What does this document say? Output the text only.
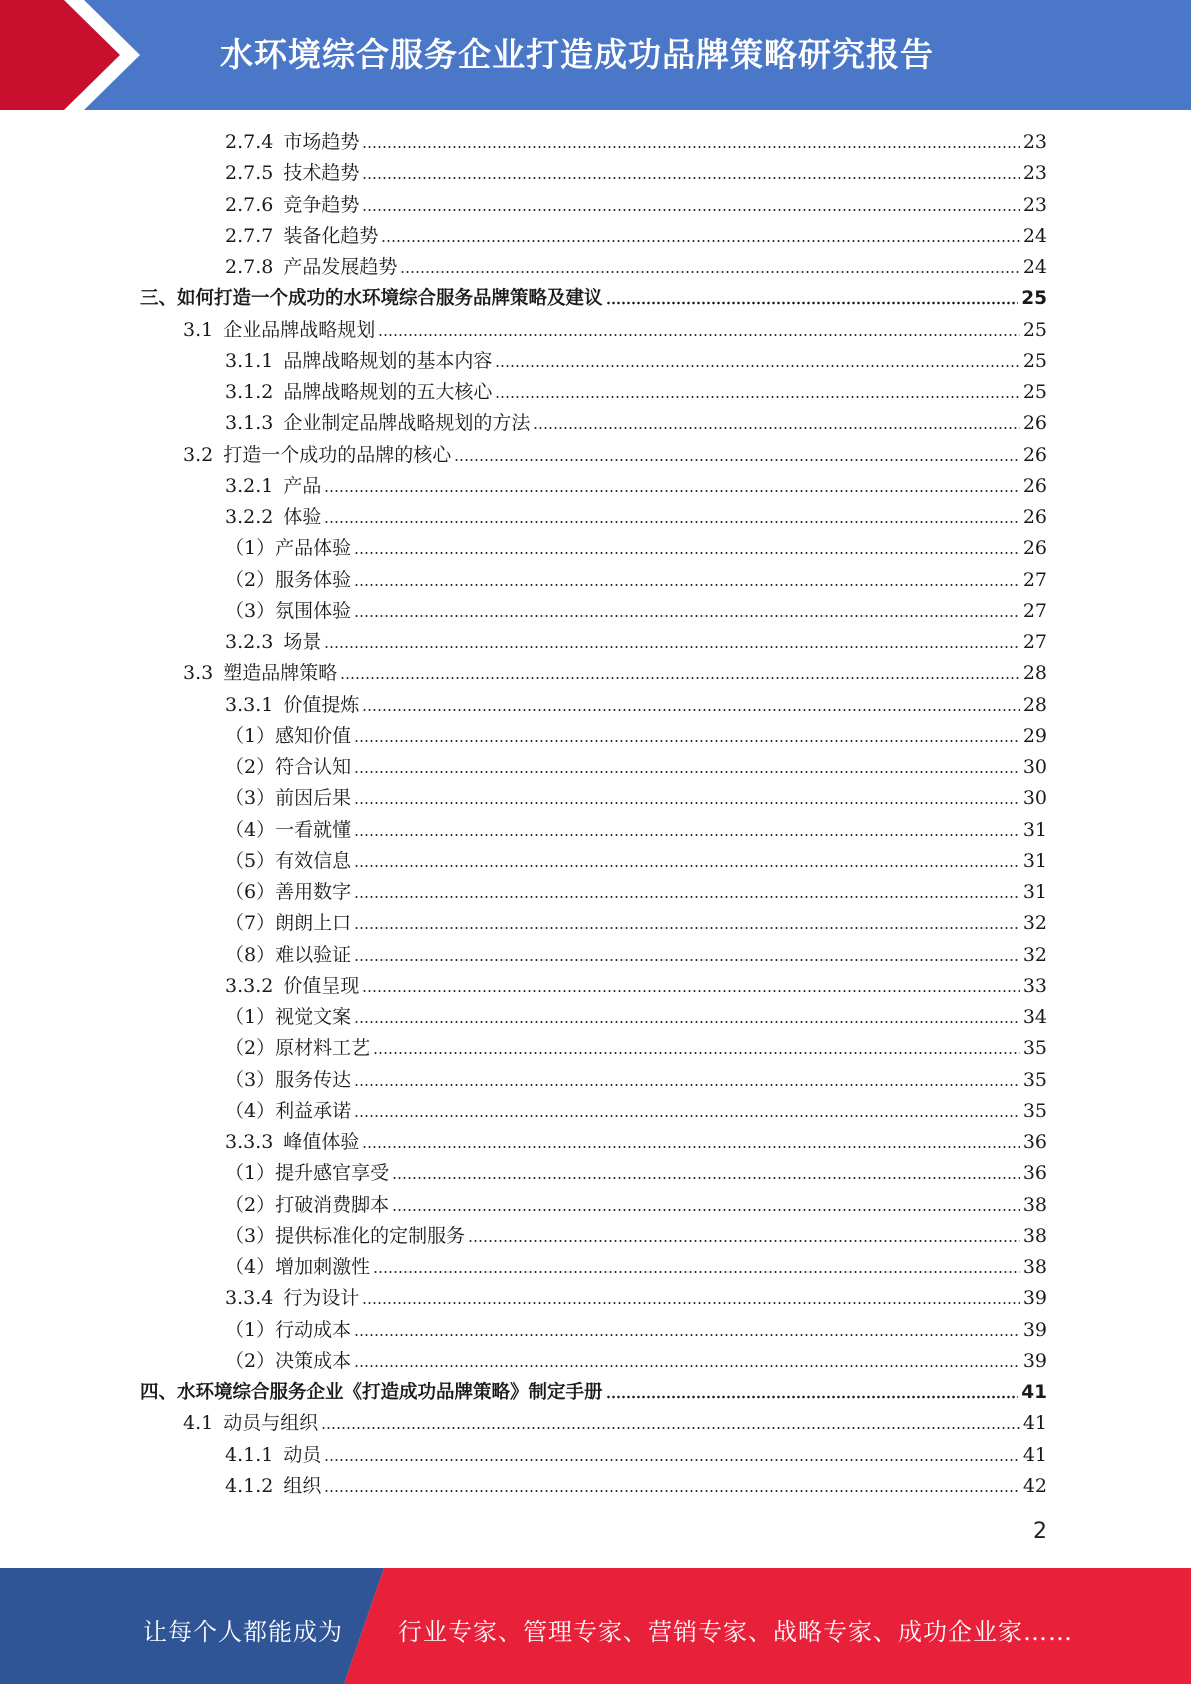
水环境综合服务企业打造成功品牌策略研究报告
2.7.4 市场趋势	23
2.7.5 技术趋势	23
2.7.6 竞争趋势	23
2.7.7 装备化趋势	24
2.7.8 产品发展趋势	24
三、如何打造一个成功的水环境综合服务品牌策略及建议	25
3.1 企业品牌战略规划	25
3.1.1 品牌战略规划的基本内容	25
3.1.2 品牌战略规划的五大核心	25
3.1.3 企业制定品牌战略规划的方法	26
3.2 打造一个成功的品牌的核心	26
3.2.1 产品	26
3.2.2 体验	26
（1）产品体验	26
（2）服务体验	27
（3）氛围体验	27
3.2.3 场景	27
3.3 塑造品牌策略	28
3.3.1 价值提炼	28
（1）感知价值	29
（2）符合认知	30
（3）前因后果	30
（4）一看就懂	31
（5）有效信息	31
（6）善用数字	31
（7）朗朗上口	32
（8）难以验证	32
3.3.2 价值呈现	33
（1）视觉文案	34
（2）原材料工艺	35
（3）服务传达	35
（4）利益承诺	35
3.3.3 峰值体验	36
（1）提升感官享受	36
（2）打破消费脚本	38
（3）提供标准化的定制服务	38
（4）增加刺激性	38
3.3.4 行为设计	39
（1）行动成本	39
（2）决策成本	39
四、水环境综合服务企业《打造成功品牌策略》制定手册	41
4.1 动员与组织	41
4.1.1 动员	41
4.1.2 组织	42
2
让每个人都能成为 行业专家、管理专家、营销专家、战略专家、成功企业家……
